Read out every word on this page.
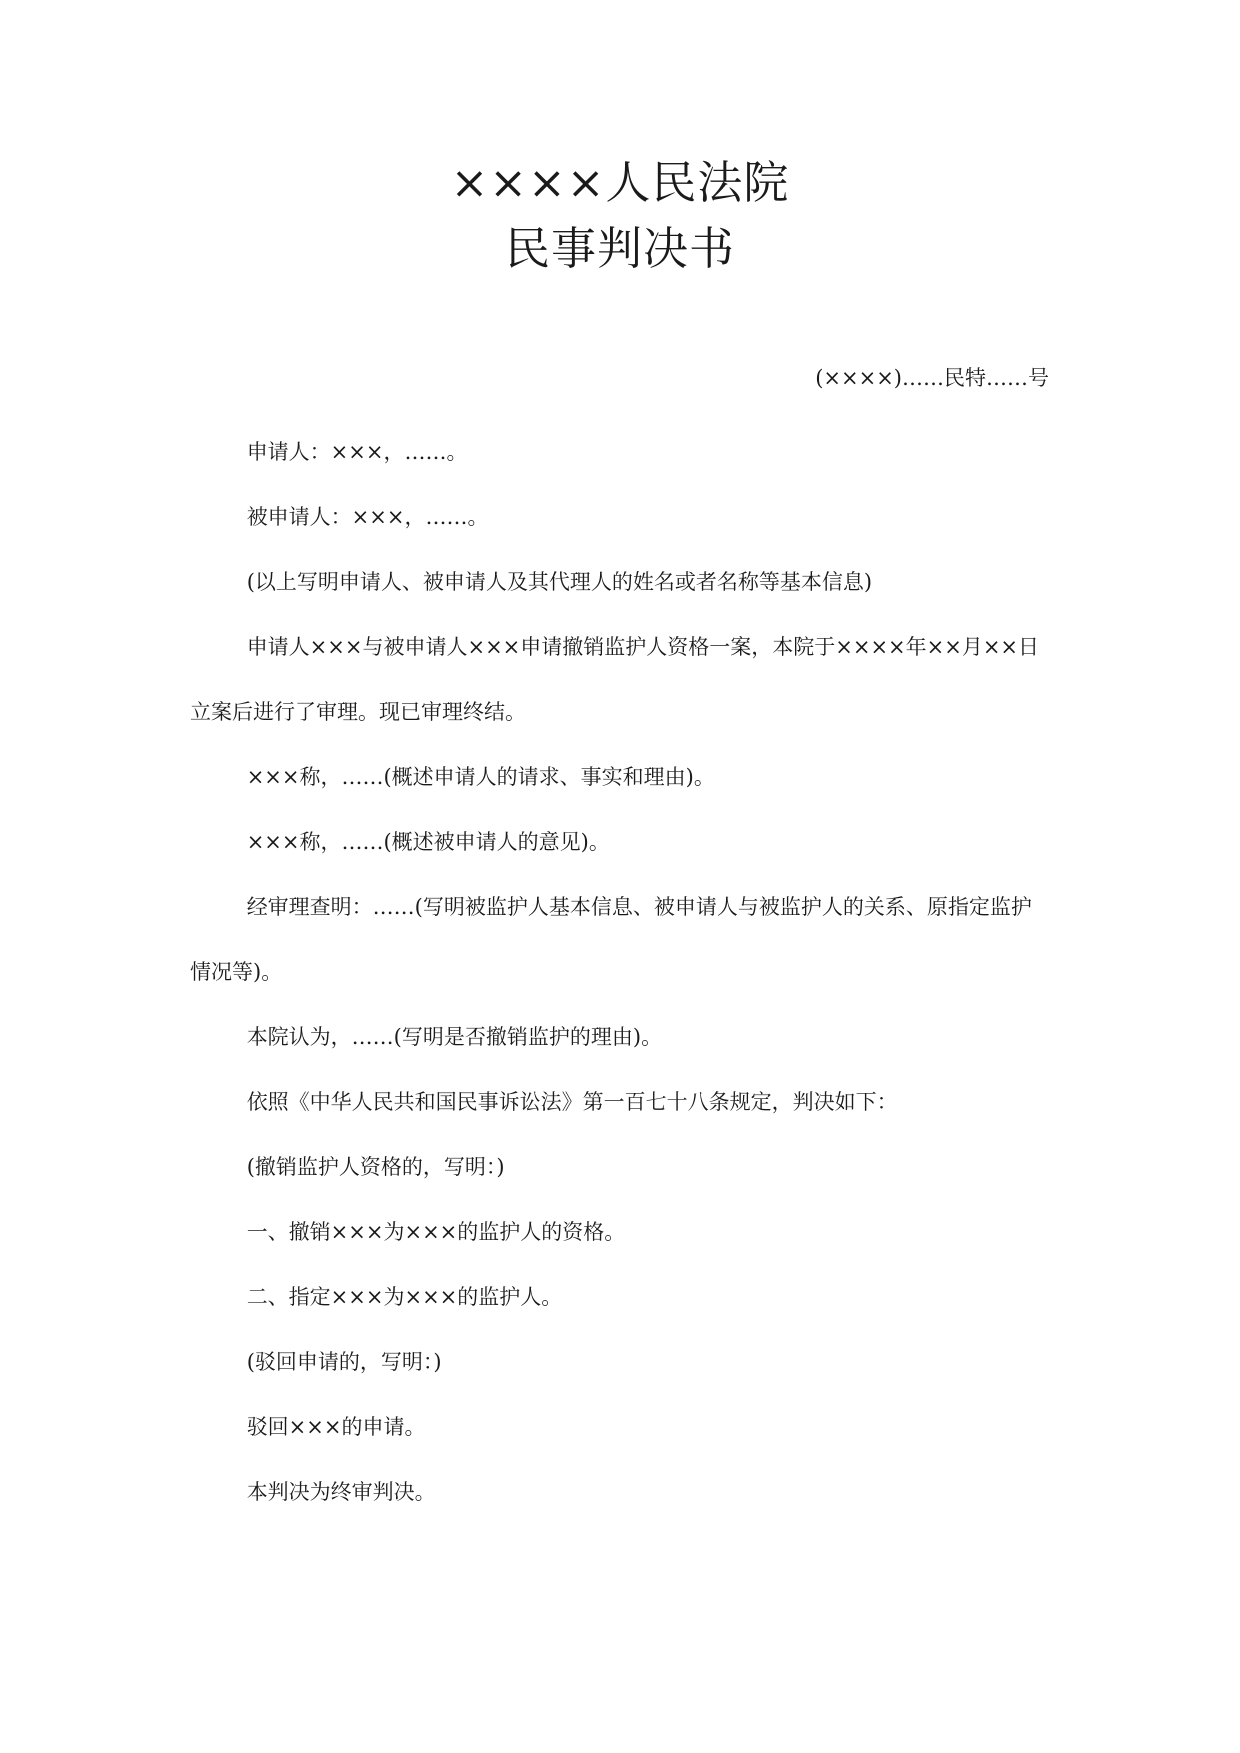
××××人民法院
民事判决书
(××××)……民特……号

申请人：×××，……。

被申请人：×××，……。

(以上写明申请人、被申请人及其代理人的姓名或者名称等基本信息)

申请人×××与被申请人×××申请撤销监护人资格一案，本院于××××年××月××日立案后进行了审理。现已审理终结。

×××称，……(概述申请人的请求、事实和理由)。

×××称，……(概述被申请人的意见)。

经审理查明：……(写明被监护人基本信息、被申请人与被监护人的关系、原指定监护情况等)。

本院认为，……(写明是否撤销监护的理由)。

依照《中华人民共和国民事诉讼法》第一百七十八条规定，判决如下：

(撤销监护人资格的，写明：)

一、撤销×××为×××的监护人的资格。

二、指定×××为×××的监护人。

(驳回申请的，写明：)

驳回×××的申请。

本判决为终审判决。
